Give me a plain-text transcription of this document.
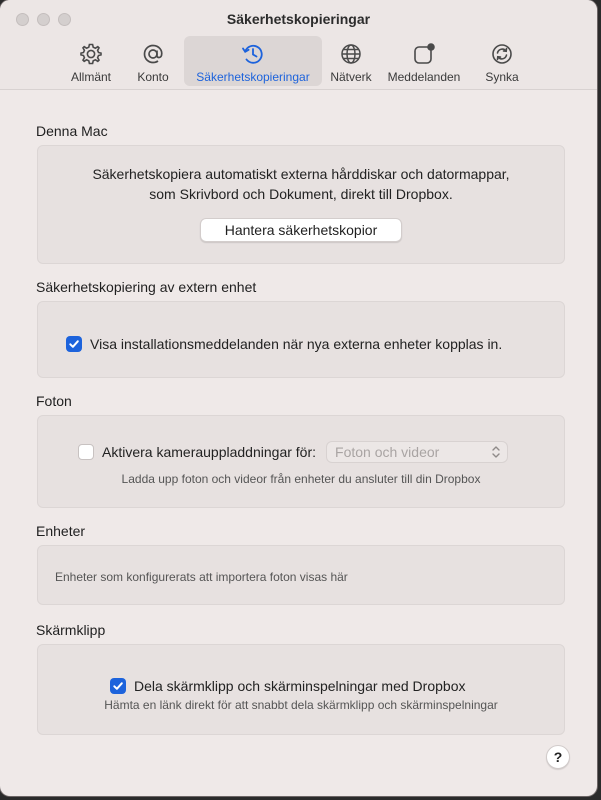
Säkerhetskopieringar
Allmänt Konto Säkerhetskopieringar Nätverk Meddelanden Synka
Denna Mac
Säkerhetskopiera automatiskt externa hårddiskar och datormappar,
som Skrivbord och Dokument, direkt till Dropbox.
Hantera säkerhetskopior
Säkerhetskopiering av extern enhet
Visa installationsmeddelanden när nya externa enheter kopplas in.
Foton
Aktivera kamerauppladdningar för: Foton och videor
Ladda upp foton och videor från enheter du ansluter till din Dropbox
Enheter
Enheter som konfigurerats att importera foton visas här
Skärmklipp
Dela skärmklipp och skärminspelningar med Dropbox
Hämta en länk direkt för att snabbt dela skärmklipp och skärminspelningar
?
